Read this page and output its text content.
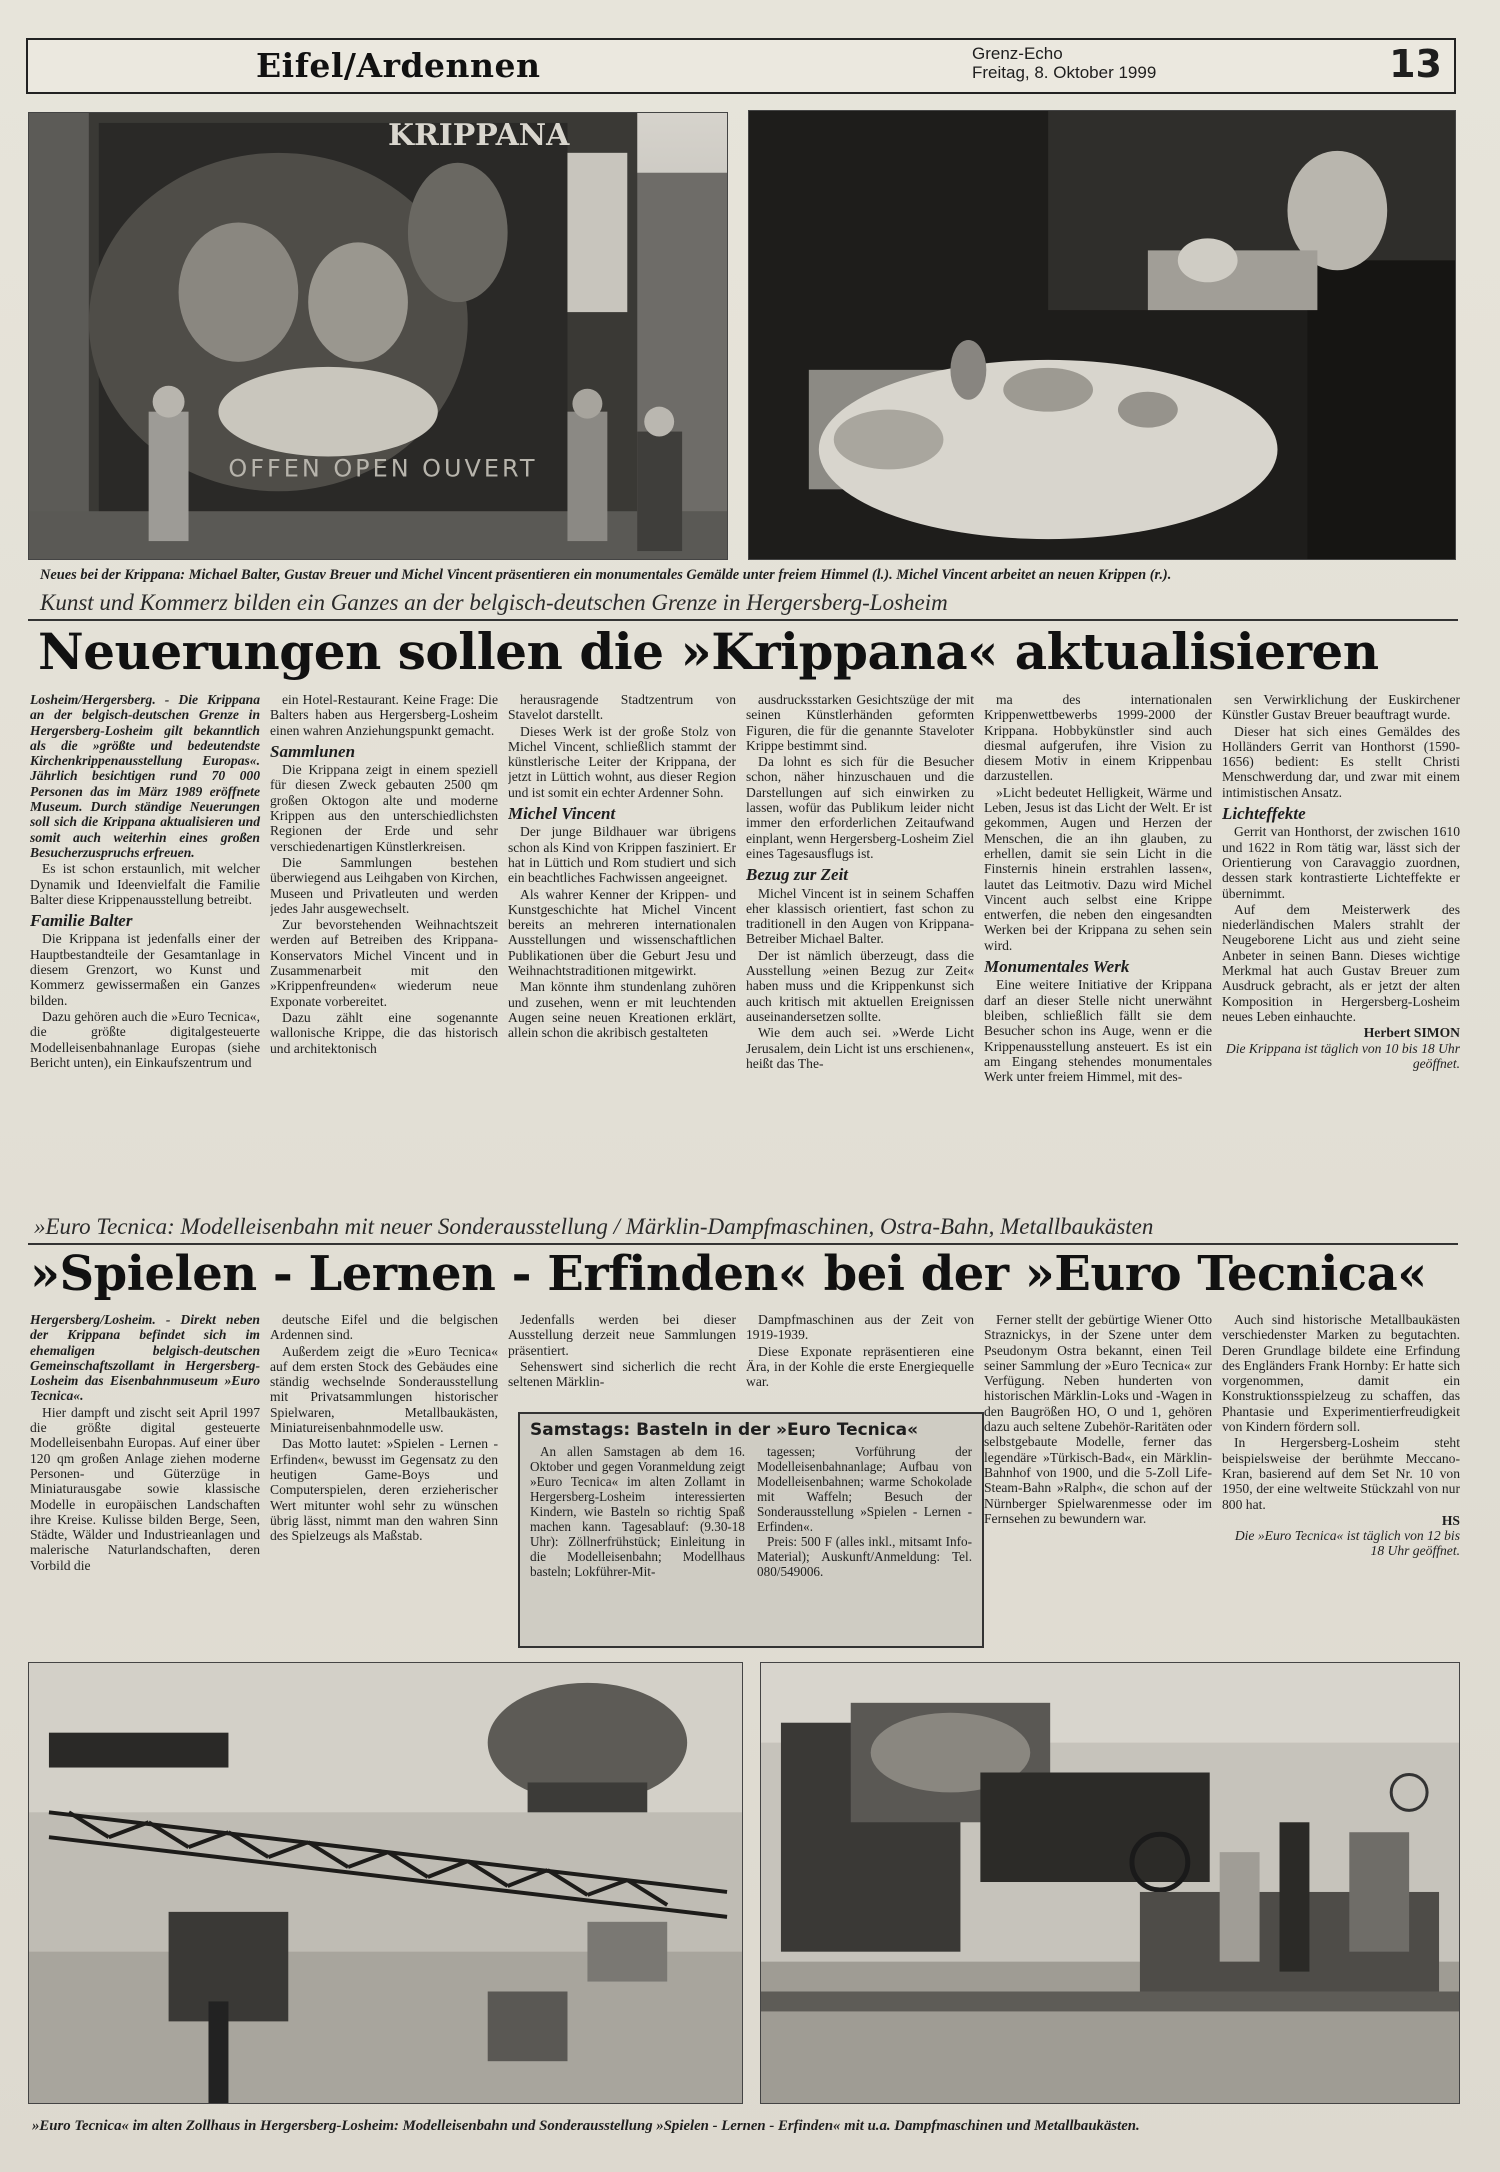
Eifel/Ardennen	Grenz-Echo
Freitag, 8. Oktober 1999	13
KRIPPANA
OFFEN OPEN OUVERT
Neues bei der Krippana: Michael Balter, Gustav Breuer und Michel Vincent präsentieren ein monumentales Gemälde unter freiem Himmel (l.). Michel Vincent arbeitet an neuen Krippen (r.).
Kunst und Kommerz bilden ein Ganzes an der belgisch-deutschen Grenze in Hergersberg-Losheim
Neuerungen sollen die »Krippana« aktualisieren

Losheim/Hergersberg. - Die Krippana an der belgisch-deutschen Grenze in Hergersberg-Losheim gilt bekanntlich als die »größte und bedeutendste Kirchenkrippenausstellung Europas«. Jährlich besichtigen rund 70 000 Personen das im März 1989 eröffnete Museum. Durch ständige Neuerungen soll sich die Krippana aktualisieren und somit auch weiterhin eines großen Besucherzuspruchs erfreuen.

Es ist schon erstaunlich, mit welcher Dynamik und Ideenvielfalt die Familie Balter diese Krippenausstellung betreibt.

Familie Balter

Die Krippana ist jedenfalls einer der Hauptbestandteile der Gesamtanlage in diesem Grenzort, wo Kunst und Kommerz gewissermaßen ein Ganzes bilden.

Dazu gehören auch die »Euro Tecnica«, die größte digitalgesteuerte Modelleisenbahnanlage Europas (siehe Bericht unten), ein Einkaufszentrum und

ein Hotel-Restaurant. Keine Frage: Die Balters haben aus Hergersberg-Losheim einen wahren Anziehungspunkt gemacht.

Sammlunen

Die Krippana zeigt in einem speziell für diesen Zweck gebauten 2500 qm großen Oktogon alte und moderne Krippen aus den unterschiedlichsten Regionen der Erde und sehr verschiedenartigen Künstlerkreisen.

Die Sammlungen bestehen überwiegend aus Leihgaben von Kirchen, Museen und Privatleuten und werden jedes Jahr ausgewechselt.

Zur bevorstehenden Weihnachtszeit werden auf Betreiben des Krippana-Konservators Michel Vincent und in Zusammenarbeit mit den »Krippenfreunden« wiederum neue Exponate vorbereitet.

Dazu zählt eine sogenannte wallonische Krippe, die das historisch und architektonisch

herausragende Stadtzentrum von Stavelot darstellt.

Dieses Werk ist der große Stolz von Michel Vincent, schließlich stammt der künstlerische Leiter der Krippana, der jetzt in Lüttich wohnt, aus dieser Region und ist somit ein echter Ardenner Sohn.

Michel Vincent

Der junge Bildhauer war übrigens schon als Kind von Krippen fasziniert. Er hat in Lüttich und Rom studiert und sich ein beachtliches Fachwissen angeeignet.

Als wahrer Kenner der Krippen- und Kunstgeschichte hat Michel Vincent bereits an mehreren internationalen Ausstellungen und wissenschaftlichen Publikationen über die Geburt Jesu und Weihnachtstraditionen mitgewirkt.

Man könnte ihm stundenlang zuhören und zusehen, wenn er mit leuchtenden Augen seine neuen Kreationen erklärt, allein schon die akribisch gestalteten

ausdrucksstarken Gesichtszüge der mit seinen Künstlerhänden geformten Figuren, die für die genannte Staveloter Krippe bestimmt sind.

Da lohnt es sich für die Besucher schon, näher hinzuschauen und die Darstellungen auf sich einwirken zu lassen, wofür das Publikum leider nicht immer den erforderlichen Zeitaufwand einplant, wenn Hergersberg-Losheim Ziel eines Tagesausflugs ist.

Bezug zur Zeit

Michel Vincent ist in seinem Schaffen eher klassisch orientiert, fast schon zu traditionell in den Augen von Krippana-Betreiber Michael Balter.

Der ist nämlich überzeugt, dass die Ausstellung »einen Bezug zur Zeit« haben muss und die Krippenkunst sich auch kritisch mit aktuellen Ereignissen auseinandersetzen sollte.

Wie dem auch sei. »Werde Licht Jerusalem, dein Licht ist uns erschienen«, heißt das The-

ma des internationalen Krippenwettbewerbs 1999-2000 der Krippana. Hobbykünstler sind auch diesmal aufgerufen, ihre Vision zu diesem Motiv in einem Krippenbau darzustellen.

»Licht bedeutet Helligkeit, Wärme und Leben, Jesus ist das Licht der Welt. Er ist gekommen, Augen und Herzen der Menschen, die an ihn glauben, zu erhellen, damit sie sein Licht in die Finsternis hinein erstrahlen lassen«, lautet das Leitmotiv. Dazu wird Michel Vincent auch selbst eine Krippe entwerfen, die neben den eingesandten Werken bei der Krippana zu sehen sein wird.

Monumentales Werk

Eine weitere Initiative der Krippana darf an dieser Stelle nicht unerwähnt bleiben, schließlich fällt sie dem Besucher schon ins Auge, wenn er die Krippenausstellung ansteuert. Es ist ein am Eingang stehendes monumentales Werk unter freiem Himmel, mit des-

sen Verwirklichung der Euskirchener Künstler Gustav Breuer beauftragt wurde.

Dieser hat sich eines Gemäldes des Holländers Gerrit van Honthorst (1590-1656) bedient: Es stellt Christi Menschwerdung dar, und zwar mit einem intimistischen Ansatz.

Lichteffekte

Gerrit van Honthorst, der zwischen 1610 und 1622 in Rom tätig war, lässt sich der Orientierung von Caravaggio zuordnen, dessen stark kontrastierte Lichteffekte er übernimmt.

Auf dem Meisterwerk des niederländischen Malers strahlt der Neugeborene Licht aus und zieht seine Anbeter in seinen Bann. Dieses wichtige Merkmal hat auch Gustav Breuer zum Ausdruck gebracht, als er jetzt der alten Komposition in Hergersberg-Losheim neues Leben einhauchte.

Herbert SIMON
Die Krippana ist täglich von 10 bis 18 Uhr geöffnet.
»Euro Tecnica: Modelleisenbahn mit neuer Sonderausstellung / Märklin-Dampfmaschinen, Ostra-Bahn, Metallbaukästen
»Spielen - Lernen - Erfinden« bei der »Euro Tecnica«

Hergersberg/Losheim. - Direkt neben der Krippana befindet sich im ehemaligen belgisch-deutschen Gemeinschaftszollamt in Hergersberg-Losheim das Eisenbahnmuseum »Euro Tecnica«.

Hier dampft und zischt seit April 1997 die größte digital gesteuerte Modelleisenbahn Europas. Auf einer über 120 qm großen Anlage ziehen moderne Personen- und Güterzüge in Miniaturausgabe sowie klassische Modelle in europäischen Landschaften ihre Kreise. Kulisse bilden Berge, Seen, Städte, Wälder und Industrieanlagen und malerische Naturlandschaften, deren Vorbild die

deutsche Eifel und die belgischen Ardennen sind.

Außerdem zeigt die »Euro Tecnica« auf dem ersten Stock des Gebäudes eine ständig wechselnde Sonderausstellung mit Privatsammlungen historischer Spielwaren, Metallbaukästen, Miniatureisenbahnmodelle usw.

Das Motto lautet: »Spielen - Lernen - Erfinden«, bewusst im Gegensatz zu den heutigen Game-Boys und Computerspielen, deren erzieherischer Wert mitunter wohl sehr zu wünschen übrig lässt, nimmt man den wahren Sinn des Spielzeugs als Maßstab.

Jedenfalls werden bei dieser Ausstellung derzeit neue Sammlungen präsentiert.

Sehenswert sind sicherlich die recht seltenen Märklin-

Dampfmaschinen aus der Zeit von 1919-1939.

Diese Exponate repräsentieren eine Ära, in der Kohle die erste Energiequelle war.

Ferner stellt der gebürtige Wiener Otto Straznickys, in der Szene unter dem Pseudonym Ostra bekannt, einen Teil seiner Sammlung der »Euro Tecnica« zur Verfügung. Neben hunderten von historischen Märklin-Loks und -Wagen in den Baugrößen HO, O und 1, gehören dazu auch seltene Zubehör-Raritäten oder selbstgebaute Modelle, ferner das legendäre »Türkisch-Bad«, ein Märklin-Bahnhof von 1900, und die 5-Zoll Life-Steam-Bahn »Ralph«, die schon auf der Nürnberger Spielwarenmesse oder im Fernsehen zu bewundern war.

Auch sind historische Metallbaukästen verschiedenster Marken zu begutachten. Deren Grundlage bildete eine Erfindung des Engländers Frank Hornby: Er hatte sich vorgenommen, damit ein Konstruktionsspielzeug zu schaffen, das Phantasie und Experimentierfreudigkeit von Kindern fördern soll.

In Hergersberg-Losheim steht beispielsweise der berühmte Meccano-Kran, basierend auf dem Set Nr. 10 von 1950, der eine weltweite Stückzahl von nur 800 hat.

HS
Die »Euro Tecnica« ist täglich von 12 bis 18 Uhr geöffnet.
Samstags: Basteln in der »Euro Tecnica«

An allen Samstagen ab dem 16. Oktober und gegen Voranmeldung zeigt »Euro Tecnica« im alten Zollamt in Hergersberg-Losheim interessierten Kindern, wie Basteln so richtig Spaß machen kann. Tagesablauf: (9.30-18 Uhr): Zöllnerfrühstück; Einleitung in die Modelleisenbahn; Modellhaus basteln; Lokführer-Mit-

tagessen; Vorführung der Modelleisenbahnanlage; Aufbau von Modelleisenbahnen; warme Schokolade mit Waffeln; Besuch der Sonderausstellung »Spielen - Lernen - Erfinden«.

Preis: 500 F (alles inkl., mitsamt Info-Material); Auskunft/Anmeldung: Tel. 080/549006.

»Euro Tecnica« im alten Zollhaus in Hergersberg-Losheim: Modelleisenbahn und Sonderausstellung »Spielen - Lernen - Erfinden« mit u.a. Dampfmaschinen und Metallbaukästen.
